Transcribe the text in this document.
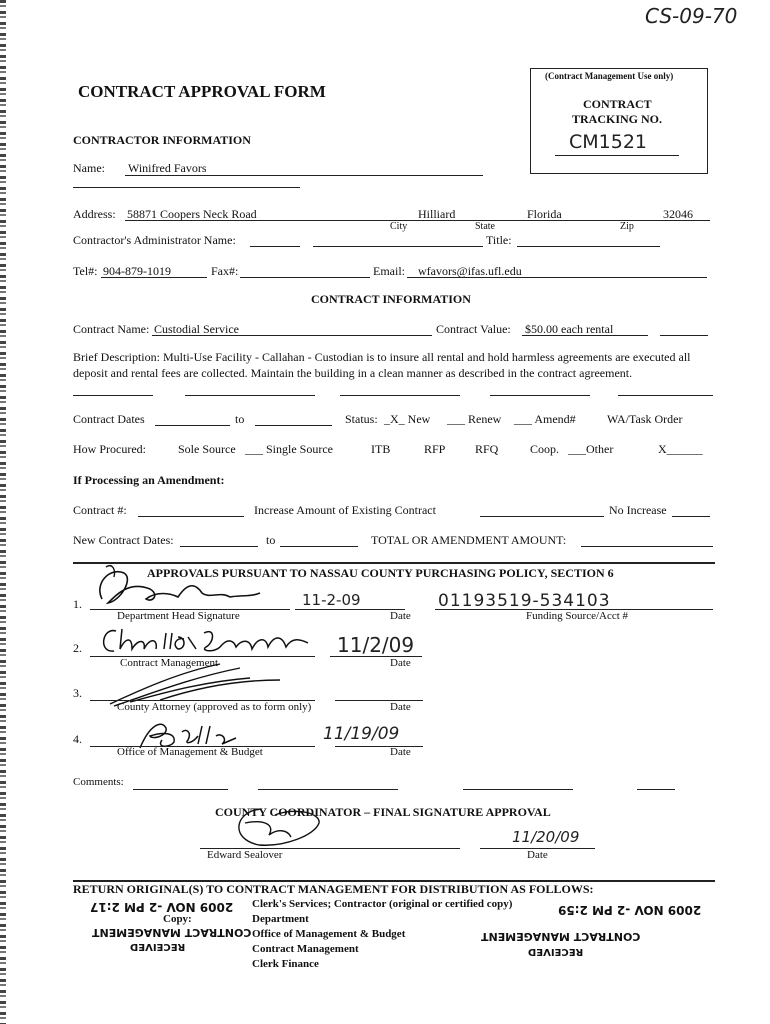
CS-09-70
CONTRACT APPROVAL FORM
CONTRACTOR INFORMATION
(Contract Management Use only)
CONTRACT
TRACKING NO.
CM1521
Name: Winifred Favors
Address: 58871 Coopers Neck Road	Hilliard	Florida	32046
City	State	Zip
Contractor's Administrator Name:	Title:
Tel#: 904-879-1019	Fax#:	Email: wfavors@ifas.ufl.edu
CONTRACT INFORMATION
Contract Name: Custodial Service	Contract Value: $50.00 each rental
Brief Description: Multi-Use Facility - Callahan - Custodian is to insure all rental and hold harmless agreements are executed all deposit and rental fees are collected. Maintain the building in a clean manner as described in the contract agreement.
Contract Dates	to	Status: _X_ New ___ Renew ___ Amend#	WA/Task Order
How Procured:	Sole Source ___ Single Source	ITB	RFP RFQ	Coop. ___Other	X______
If Processing an Amendment:
Contract #:	Increase Amount of Existing Contract	No Increase
New Contract Dates:	to	TOTAL OR AMENDMENT AMOUNT:
APPROVALS PURSUANT TO NASSAU COUNTY PURCHASING POLICY, SECTION 6
1.
Department Head Signature
11-2-09
Date
01193519-534103
Funding Source/Acct #
2.
Contract Management
11/2/09
Date
3.
County Attorney (approved as to form only)	Date
4.
Office of Management & Budget
11/19/09
Date
Comments:
COUNTY COORDINATOR – FINAL SIGNATURE APPROVAL
Edward Sealover
11/20/09
Date
RETURN ORIGINAL(S) TO CONTRACT MANAGEMENT FOR DISTRIBUTION AS FOLLOWS:
Clerk's Services; Contractor (original or certified copy)
Copy:	Department
Office of Management & Budget
Contract Management
Clerk Finance
2009 NOV -2 PM 2:17
CONTRACT MANAGEMENT
RECEIVED
2009 NOV -2 PM 2:59
CONTRACT MANAGEMENT
RECEIVED
